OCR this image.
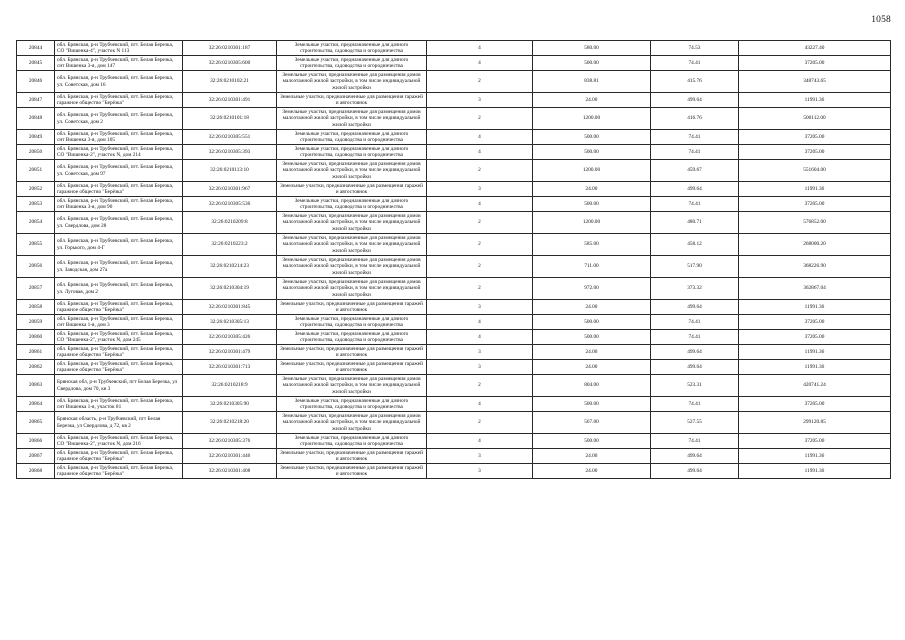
1058
20844	обл. Брянская, р-н Трубчевский, пгт. Белая Березка, СО "Вишенка-4", участок N 113	32:26:0210301:187	Земельные участки, предназначенные для дачного строительства, садоводства и огородничества	4	580.00	74.53	43227.40
20845	обл. Брянская, р-н Трубчевский, пгт. Белая Березка, снт Вишенка 3-я, дом 147	32:26:0210305:600	Земельные участки, предназначенные для дачного строительства, садоводства и огородничества	4	500.00	74.41	37205.00
20846	обл. Брянская, р-н Трубчевский, пгт. Белая Березка, ул. Советская, дом 16	32:26:0210102:21	Земельные участки, предназначенные для размещения домов малоэтажной жилой застройки, в том числе индивидуальной жилой застройки	2	838.81	415.76	348743.65
20847	обл. Брянская, р-н Трубчевский, пгт. Белая Березка, гаражное общество "Берёзка"	32:26:0210301:491	Земельные участки, предназначенные для размещения гаражей и автостоянок	3	24.00	499.64	11991.36
20848	обл. Брянская, р-н Трубчевский, пгт. Белая Березка, ул. Советская, дом 2	32:26:0210101:18	Земельные участки, предназначенные для размещения домов малоэтажной жилой застройки, в том числе индивидуальной жилой застройки	2	1200.00	416.76	500112.00
20849	обл. Брянская, р-н Трубчевский, пгт. Белая Березка, снт Вишенка 3-я, дом 105	32:26:0210305:551	Земельные участки, предназначенные для дачного строительства, садоводства и огородничества	4	500.00	74.41	37205.00
20850	обл. Брянская, р-н Трубчевский, пгт. Белая Березка, СО "Вишенка-2", участок N, дом 214	32:26:0210305:393	Земельные участки, предназначенные для дачного строительства, садоводства и огородничества	4	500.00	74.41	37205.00
20851	обл. Брянская, р-н Трубчевский, пгт. Белая Березка, ул. Советская, дом 97	32:26:0210113:10	Земельные участки, предназначенные для размещения домов малоэтажной жилой застройки, в том числе индивидуальной жилой застройки	2	1200.00	459.67	551604.00
20852	обл. Брянская, р-н Трубчевский, пгт. Белая Березка, гаражное общество "Берёзка"	32:26:0210301:967	Земельные участки, предназначенные для размещения гаражей и автостоянок	3	24.00	499.64	11991.36
20853	обл. Брянская, р-н Трубчевский, пгт. Белая Березка, снт Вишенка 3-я, дом 90	32:26:0210305:536	Земельные участки, предназначенные для дачного строительства, садоводства и огородничества	4	500.00	74.41	37205.00
20854	обл. Брянская, р-н Трубчевский, пгт. Белая Березка, ул. Свердлова, дом 28	32:26:0210209:8	Земельные участки, предназначенные для размещения домов малоэтажной жилой застройки, в том числе индивидуальной жилой застройки	2	1200.00	480.71	576852.00
20855	обл. Брянская, р-н Трубчевский, пгт. Белая Березка, ул. Горького, дом 4-Г	32:26:0210223:2	Земельные участки, предназначенные для размещения домов малоэтажной жилой застройки, в том числе индивидуальной жилой застройки	2	585.00	458.12	268000.20
20856	обл. Брянская, р-н Трубчевский, пгт. Белая Березка, ул. Заводская, дом 27а	32:26:0210214:23	Земельные участки, предназначенные для размещения домов малоэтажной жилой застройки, в том числе индивидуальной жилой застройки	2	711.00	517.90	368226.90
20857	обл. Брянская, р-н Трубчевский, пгт. Белая Березка, ул. Луговая, дом 2	32:26:0210304:19	Земельные участки, предназначенные для размещения домов малоэтажной жилой застройки, в том числе индивидуальной жилой застройки	2	972.00	373.32	362867.04
20858	обл. Брянская, р-н Трубчевский, пгт. Белая Березка, гаражное общество "Берёзка"	32:26:0210301:845	Земельные участки, предназначенные для размещения гаражей и автостоянок	3	24.00	499.64	11991.36
20859	обл. Брянская, р-н Трубчевский, пгт. Белая Березка, снт Вишенка 1-я, дом 3	32:26:0210305:13	Земельные участки, предназначенные для дачного строительства, садоводства и огородничества	4	500.00	74.41	37205.00
20860	обл. Брянская, р-н Трубчевский, пгт. Белая Березка, СО "Вишенка-2", участок N, дом 245	32:26:0210305:426	Земельные участки, предназначенные для дачного строительства, садоводства и огородничества	4	500.00	74.41	37205.00
20861	обл. Брянская, р-н Трубчевский, пгт. Белая Березка, гаражное общество "Берёзка"	32:26:0210301:479	Земельные участки, предназначенные для размещения гаражей и автостоянок	3	24.00	499.64	11991.36
20862	обл. Брянская, р-н Трубчевский, пгт. Белая Березка, гаражное общество "Берёзка"	32:26:0210301:713	Земельные участки, предназначенные для размещения гаражей и автостоянок	3	24.00	499.64	11991.36
20863	Брянская обл, р-н Трубчевский, пгт Белая Березка, ул Свердлова, дом 70, кв 3	32:26:0210218:9	Земельные участки, предназначенные для размещения домов малоэтажной жилой застройки, в том числе индивидуальной жилой застройки	2	804.00	523.31	420741.24
20864	обл. Брянская, р-н Трубчевский, пгт. Белая Березка, снт Вишенка 1-я, участок 81	32:26:0210305:90	Земельные участки, предназначенные для дачного строительства, садоводства и огородничества	4	500.00	74.41	37205.00
20865	Брянская область, р-н Трубчевский, пгт Белая Березка, ул Свердлова, д 72, кв 2	32:26:0210218:20	Земельные участки, предназначенные для размещения домов малоэтажной жилой застройки, в том числе индивидуальной жилой застройки	2	567.00	527.55	299120.85
20866	обл. Брянская, р-н Трубчевский, пгт. Белая Березка, СО "Вишенка-2", участок N, дом 216	32:26:0210305:376	Земельные участки, предназначенные для дачного строительства, садоводства и огородничества	4	500.00	74.41	37205.00
20867	обл. Брянская, р-н Трубчевский, пгт. Белая Березка, гаражное общество "Берёзка"	32:26:0210301:446	Земельные участки, предназначенные для размещения гаражей и автостоянок	3	24.00	499.64	11991.36
20868	обл. Брянская, р-н Трубчевский, пгт. Белая Березка, гаражное общество "Берёзка"	32:26:0210301:408	Земельные участки, предназначенные для размещения гаражей и автостоянок	3	24.00	499.64	11991.36
